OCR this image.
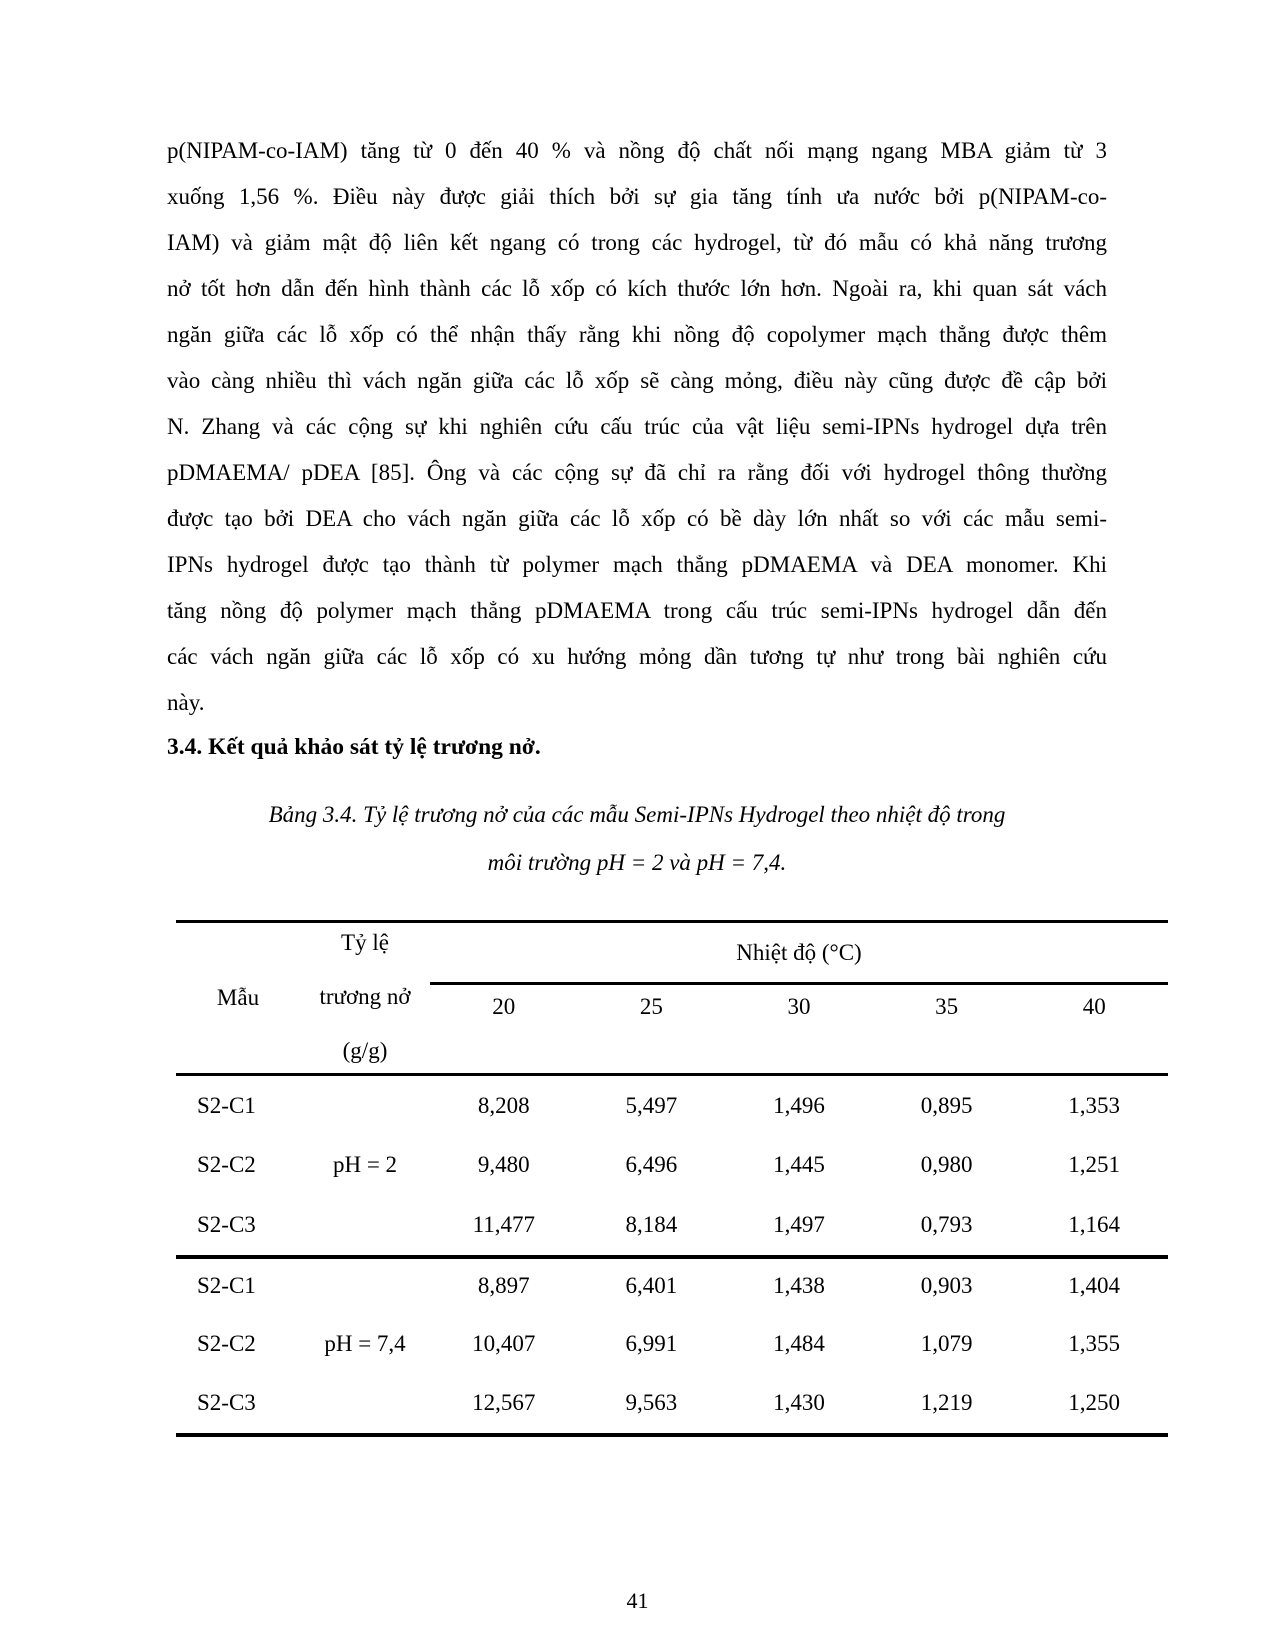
p(NIPAM-co-IAM) tăng từ 0 đến 40 % và nồng độ chất nối mạng ngang MBA giảm từ 3
xuống 1,56 %. Điều này được giải thích bởi sự gia tăng tính ưa nước bởi p(NIPAM-co-
IAM) và giảm mật độ liên kết ngang có trong các hydrogel, từ đó mẫu có khả năng trương
nở tốt hơn dẫn đến hình thành các lỗ xốp có kích thước lớn hơn. Ngoài ra, khi quan sát vách
ngăn giữa các lỗ xốp có thể nhận thấy rằng khi nồng độ copolymer mạch thẳng được thêm
vào càng nhiều thì vách ngăn giữa các lỗ xốp sẽ càng mỏng, điều này cũng được đề cập bởi
N. Zhang và các cộng sự khi nghiên cứu cấu trúc của vật liệu semi-IPNs hydrogel dựa trên
pDMAEMA/ pDEA [85]. Ông và các cộng sự đã chỉ ra rằng đối với hydrogel thông thường
được tạo bởi DEA cho vách ngăn giữa các lỗ xốp có bề dày lớn nhất so với các mẫu semi-
IPNs hydrogel được tạo thành từ polymer mạch thẳng pDMAEMA và DEA monomer. Khi
tăng nồng độ polymer mạch thẳng pDMAEMA trong cấu trúc semi-IPNs hydrogel dẫn đến
các vách ngăn giữa các lỗ xốp có xu hướng mỏng dần tương tự như trong bài nghiên cứu
này.
3.4. Kết quả khảo sát tỷ lệ trương nở.
Bảng 3.4. Tỷ lệ trương nở của các mẫu Semi-IPNs Hydrogel theo nhiệt độ trong
môi trường pH = 2 và pH = 7,4.
Mẫu
Tỷ lệ
trương nở
(g/g)
Nhiệt độ (°C)
20	25	30	35	40
S2-C1	8,208	5,497	1,496	0,895	1,353
S2-C2	pH = 2	9,480	6,496	1,445	0,980	1,251
S2-C3	11,477	8,184	1,497	0,793	1,164
S2-C1	8,897	6,401	1,438	0,903	1,404
S2-C2	pH = 7,4	10,407	6,991	1,484	1,079	1,355
S2-C3	12,567	9,563	1,430	1,219	1,250
41
